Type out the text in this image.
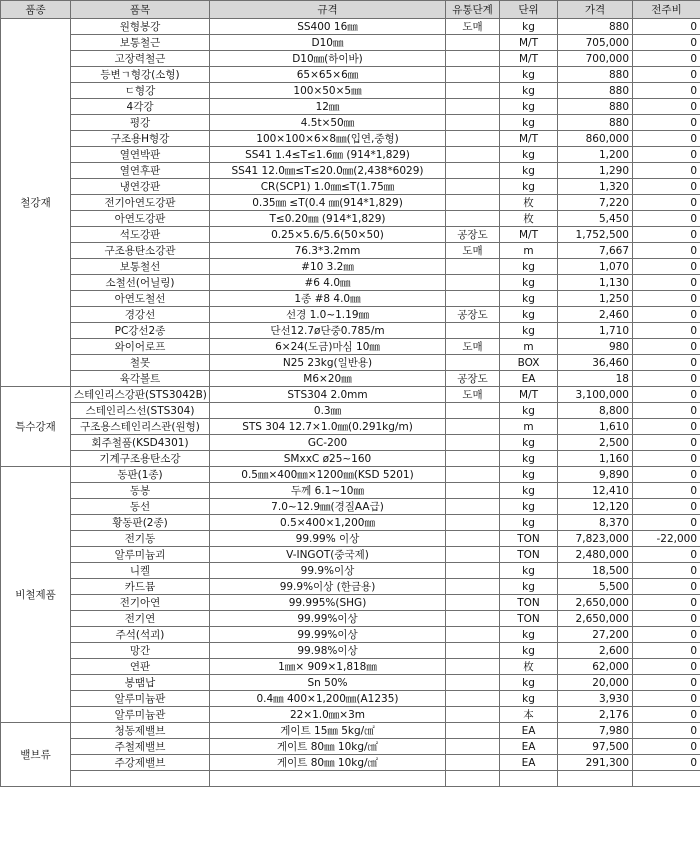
품종	품목	규격	유통단계	단위	가격	전주비
철강재	원형봉강	SS400 16㎜	도매	kg	880	0
	보통철근	D10㎜		M/T	705,000	0
	고장력철근	D10㎜(하이바)		M/T	700,000	0
	등변ㄱ형강(소형)	65×65×6㎜		kg	880	0
	ㄷ형강	100×50×5㎜		kg	880	0
	4각강	12㎜		kg	880	0
	평강	4.5t×50㎜		kg	880	0
	구조용H형강	100×100×6×8㎜(입연,중형)		M/T	860,000	0
	열연박판	SS41 1.4≤T≤1.6㎜ (914*1,829)		kg	1,200	0
	열연후판	SS41 12.0㎜≤T≤20.0㎜(2,438*6029)		kg	1,290	0
	냉연강판	CR(SCP1) 1.0㎜≤T(1.75㎜		kg	1,320	0
	전기아연도강판	0.35㎜ ≤T(0.4 ㎜(914*1,829)		枚	7,220	0
	아연도강판	T≤0.20㎜ (914*1,829)		枚	5,450	0
	석도강판	0.25×5.6/5.6(50×50)	공장도	M/T	1,752,500	0
	구조용탄소강관	76.3*3.2mm	도매	m	7,667	0
	보통철선	#10 3.2㎜		kg	1,070	0
	소철선(어닐링)	#6 4.0㎜		kg	1,130	0
	아연도철선	1종 #8 4.0㎜		kg	1,250	0
	경강선	선경 1.0~1.19㎜	공장도	kg	2,460	0
	PC강선2종	단선12.7ø단중0.785/m		kg	1,710	0
	와이어로프	6×24(도금)마심 10㎜	도매	m	980	0
	철못	N25 23kg(일반용)		BOX	36,460	0
	육각볼트	M6×20㎜	공장도	EA	18	0
특수강재	스테인리스강판(STS3042B)	STS304 2.0mm	도매	M/T	3,100,000	0
	스테인리스선(STS304)	0.3㎜		kg	8,800	0
	구조용스테인리스관(원형)	STS 304 12.7×1.0㎜(0.291kg/m)		m	1,610	0
	회주철품(KSD4301)	GC-200		kg	2,500	0
	기계구조용탄소강	SMxxC ø25~160		kg	1,160	0
비철제품	동판(1종)	0.5㎜×400㎜×1200㎜(KSD 5201)		kg	9,890	0
	동봉	두께 6.1~10㎜		kg	12,410	0
	동선	7.0~12.9㎜(경질AA급)		kg	12,120	0
	황동판(2종)	0.5×400×1,200㎜		kg	8,370	0
	전기동	99.99% 이상		TON	7,823,000	-22,000
	알루미늄괴	V-INGOT(중국제)		TON	2,480,000	0
	니켈	99.9%이상		kg	18,500	0
	카드뮴	99.9%이상 (한금용)		kg	5,500	0
	전기아연	99.995%(SHG)		TON	2,650,000	0
	전기연	99.99%이상		TON	2,650,000	0
	주석(석괴)	99.99%이상		kg	27,200	0
	망간	99.98%이상		kg	2,600	0
	연판	1㎜× 909×1,818㎜		枚	62,000	0
	봉땜납	Sn 50%		kg	20,000	0
	알루미늄판	0.4㎜ 400×1,200㎜(A1235)		kg	3,930	0
	알루미늄관	22×1.0㎜×3m		本	2,176	0
밸브류	청동제밸브	게이트 15㎜ 5kg/㎠		EA	7,980	0
	주철제밸브	게이트 80㎜ 10kg/㎠		EA	97,500	0
	주강제밸브	게이트 80㎜ 10kg/㎠		EA	291,300	0
